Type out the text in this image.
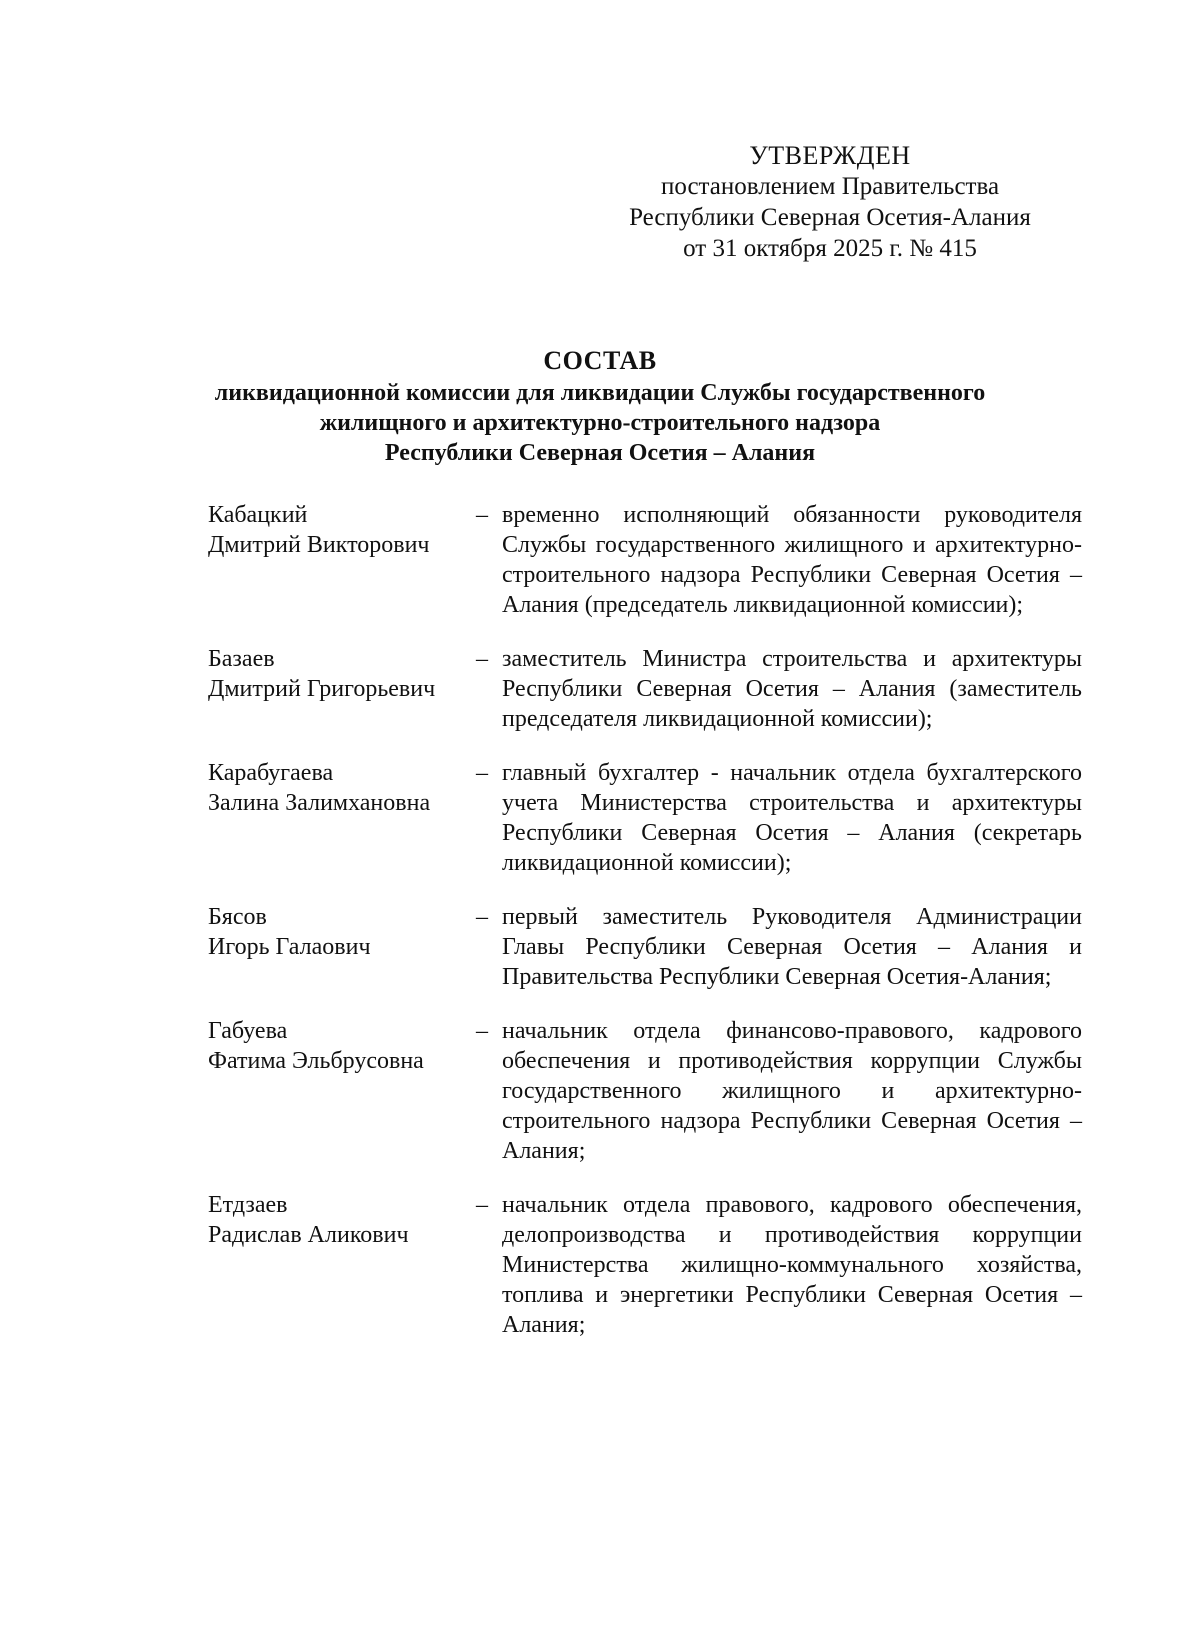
УТВЕРЖДЕН
постановлением Правительства
Республики Северная Осетия-Алания
от 31 октября 2025 г. № 415
СОСТАВ
ликвидационной комиссии для ликвидации Службы государственного
жилищного и архитектурно-строительного надзора
Республики Северная Осетия – Алания
Кабацкий
Дмитрий Викторович
– временно исполняющий обязанности руководителя Службы государственного жилищного и архитектурно-строительного надзора Республики Северная Осетия – Алания (председатель ликвидационной комиссии);
Базаев
Дмитрий Григорьевич
– заместитель Министра строительства и архитектуры Республики Северная Осетия – Алания (заместитель председателя ликвидационной комиссии);
Карабугаева
Залина Залимхановна
– главный бухгалтер - начальник отдела бухгалтерского учета Министерства строительства и архитектуры Республики Северная Осетия – Алания (секретарь ликвидационной комиссии);
Бясов
Игорь Галаович
– первый заместитель Руководителя Администрации Главы Республики Северная Осетия – Алания и Правительства Республики Северная Осетия-Алания;
Габуева
Фатима Эльбрусовна
– начальник отдела финансово-правового, кадрового обеспечения и противодействия коррупции Службы государственного жилищного и архитектурно-строительного надзора Республики Северная Осетия – Алания;
Етдзаев
Радислав Аликович
– начальник отдела правового, кадрового обеспечения, делопроизводства и противодействия коррупции Министерства жилищно-коммунального хозяйства, топлива и энергетики Республики Северная Осетия – Алания;
